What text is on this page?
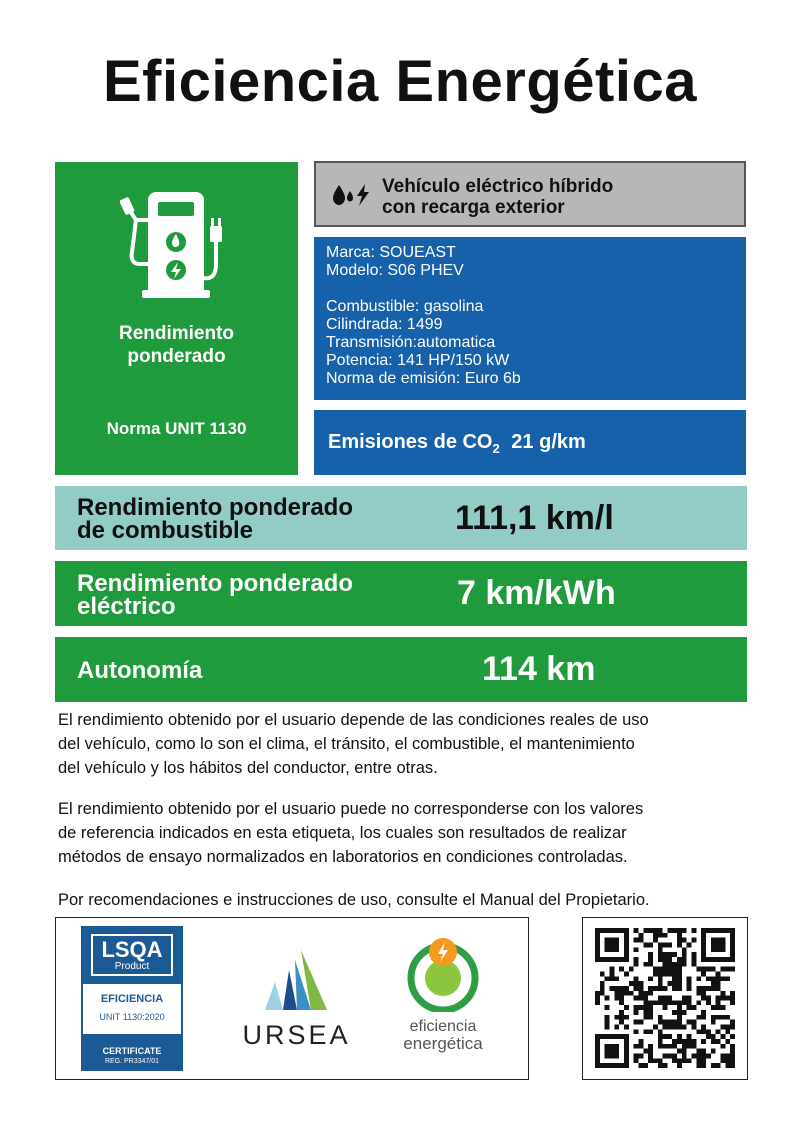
Eficiencia Energética
Rendimiento
ponderado
Norma UNIT 1130
Vehículo eléctrico híbrido
con recarga exterior
Marca: SOUEAST
Modelo: S06 PHEV
Combustible: gasolina
Cilindrada: 1499
Transmisión:automatica
Potencia: 141 HP/150 kW
Norma de emisión: Euro 6b
Emisiones de $CO_2$ 21 g/km
Rendimiento ponderado
de combustible	111,1 km/l
Rendimiento ponderado
eléctrico	7 km/kWh
Autonomía	114 km
El rendimiento obtenido por el usuario depende de las condiciones reales de uso
del vehículo, como lo son el clima, el tránsito, el combustible, el mantenimiento
del vehículo y los hábitos del conductor, entre otras.
El rendimiento obtenido por el usuario puede no corresponderse con los valores
de referencia indicados en esta etiqueta, los cuales son resultados de realizar
métodos de ensayo normalizados en laboratorios en condiciones controladas.
Por recomendaciones e instrucciones de uso, consulte el Manual del Propietario.
LSQA
Product
EFICIENCIA
UNIT 1130:2020
CERTIFICATE
REG. PR3347/01
URSEA	eficiencia
energética
